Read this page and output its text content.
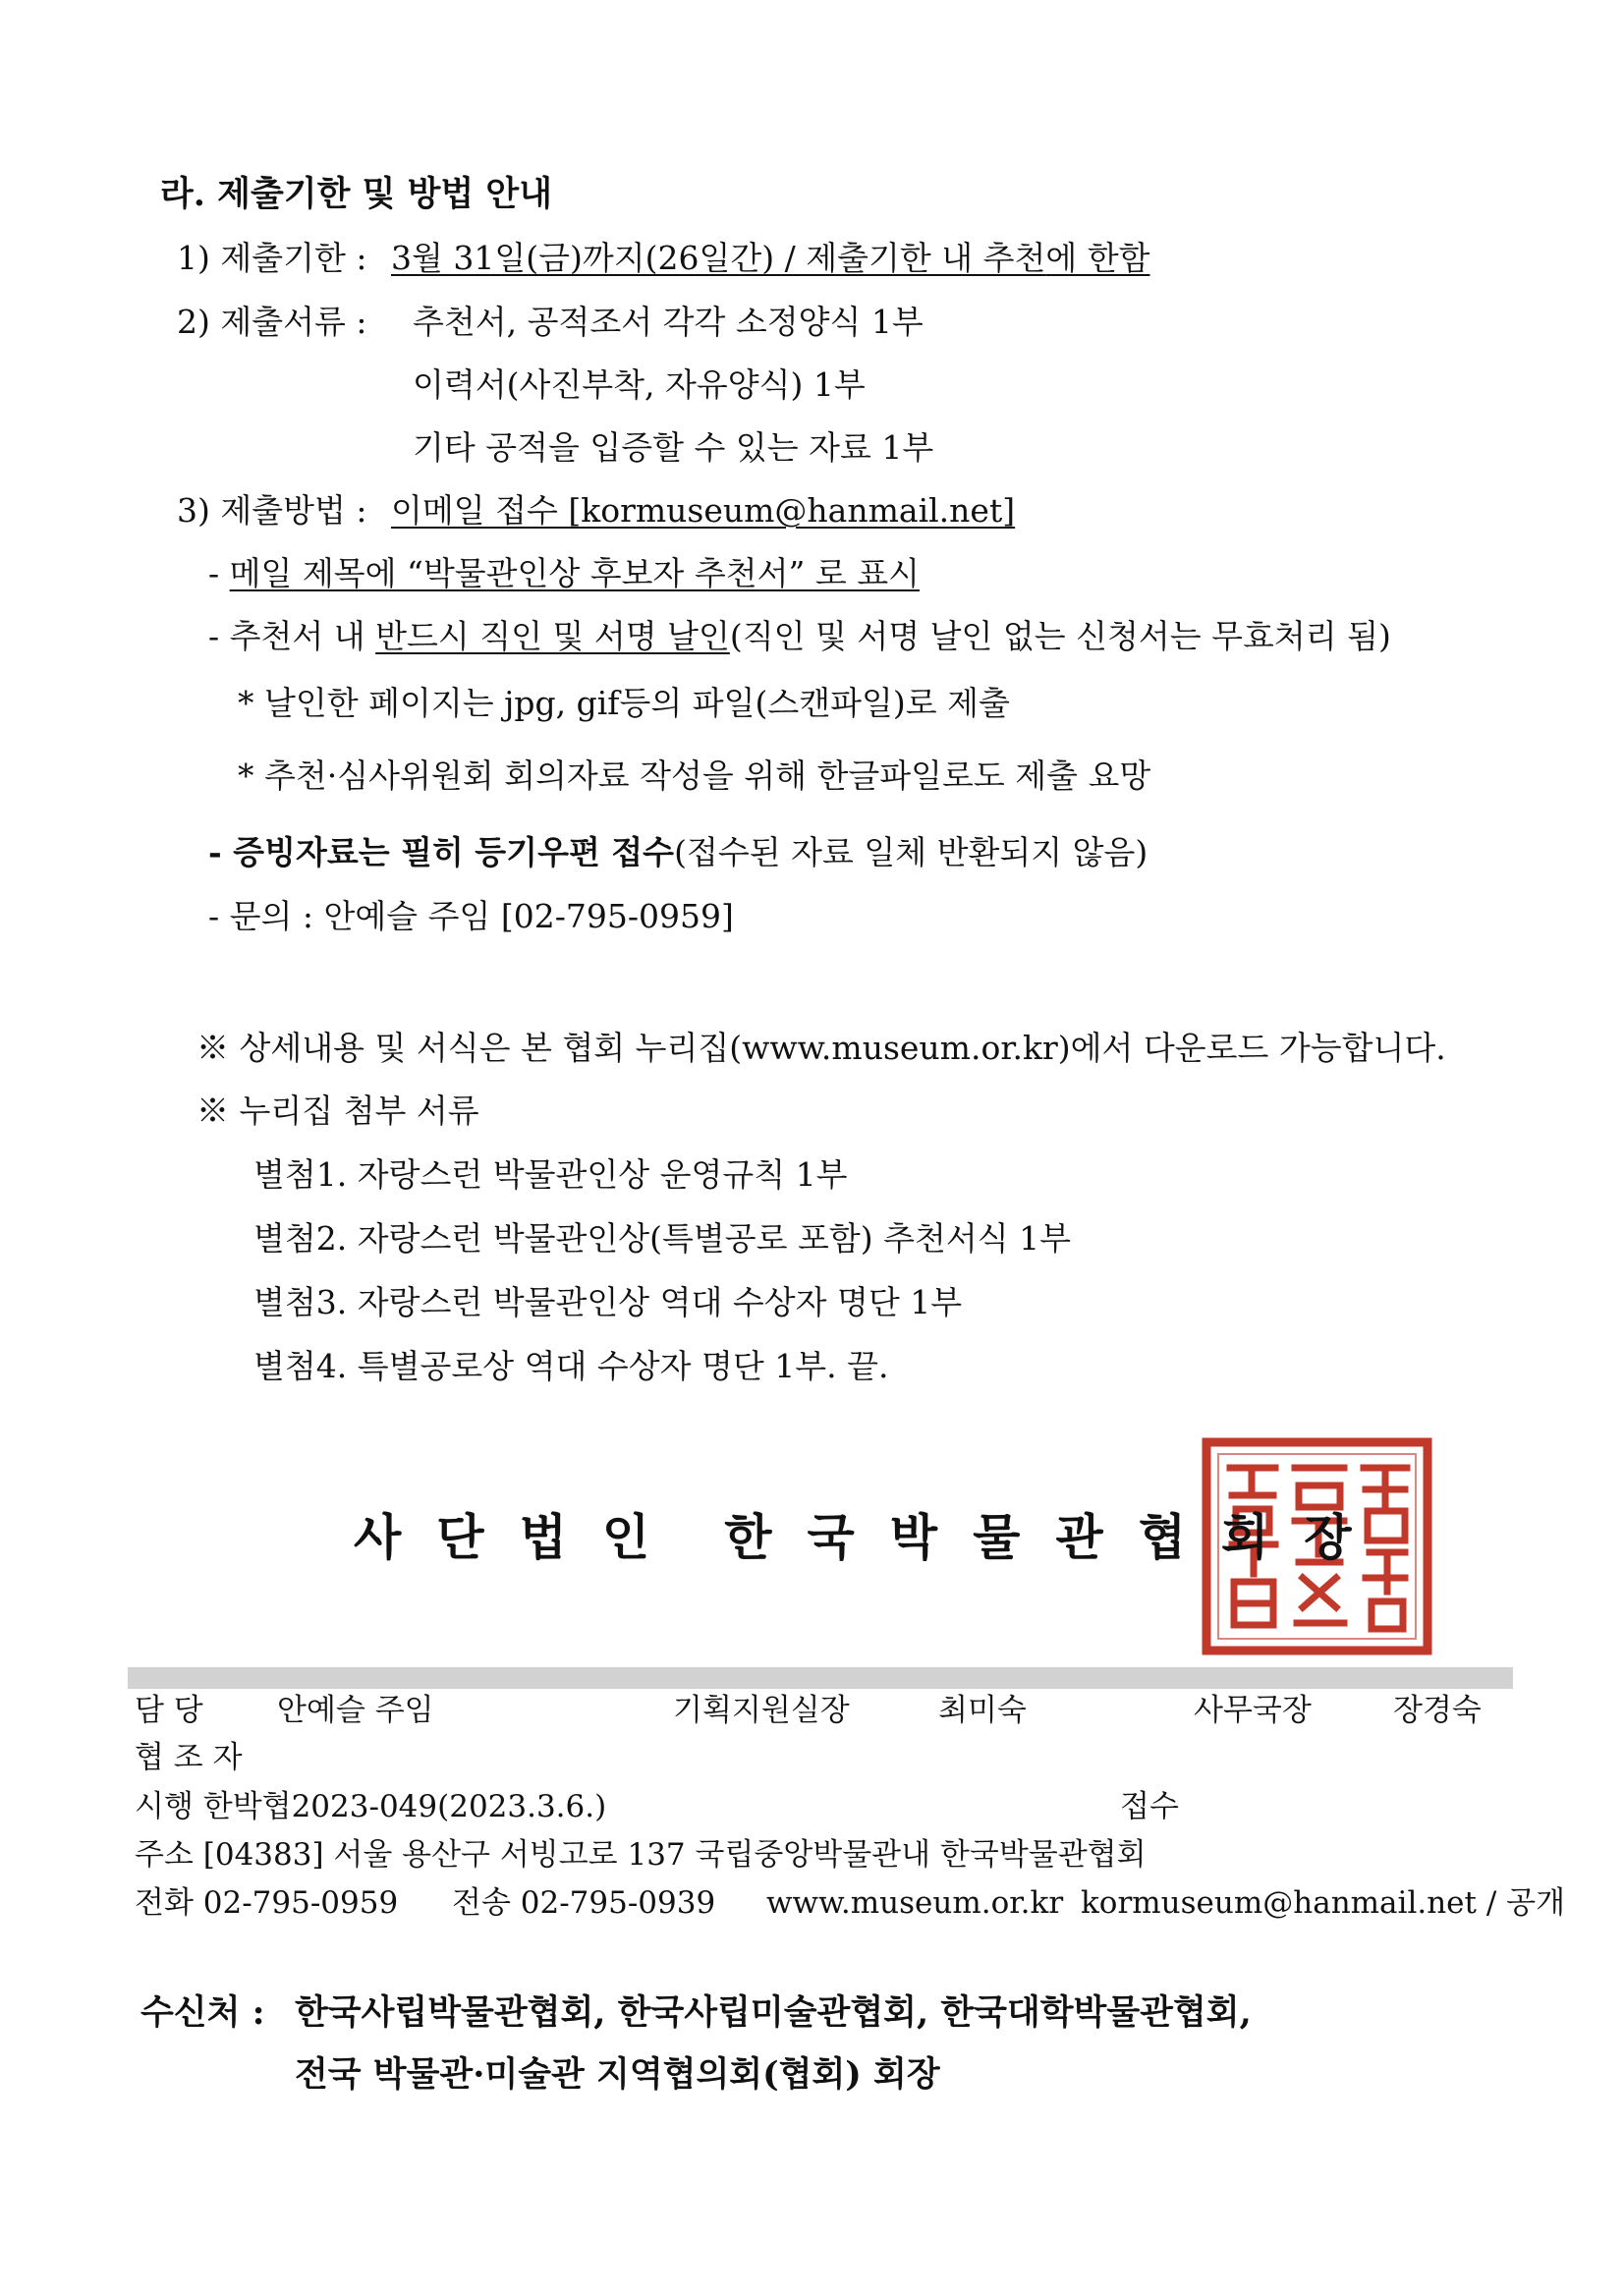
라. 제출기한 및 방법 안내
1) 제출기한 : 3월 31일(금)까지(26일간) / 제출기한 내 추천에 한함
2) 제출서류 : 추천서, 공적조서 각각 소정양식 1부
이력서(사진부착, 자유양식) 1부
기타 공적을 입증할 수 있는 자료 1부
3) 제출방법 : 이메일 접수 [kormuseum@hanmail.net]
- 메일 제목에 “박물관인상 후보자 추천서” 로 표시
- 추천서 내 반드시 직인 및 서명 날인(직인 및 서명 날인 없는 신청서는 무효처리 됨)
* 날인한 페이지는 jpg, gif등의 파일(스캔파일)로 제출
* 추천·심사위원회 회의자료 작성을 위해 한글파일로도 제출 요망
- 증빙자료는 필히 등기우편 접수(접수된 자료 일체 반환되지 않음)
- 문의 : 안예슬 주임 [02-795-0959]
※ 상세내용 및 서식은 본 협회 누리집(www.museum.or.kr)에서 다운로드 가능합니다.
※ 누리집 첨부 서류
별첨1. 자랑스런 박물관인상 운영규칙 1부
별첨2. 자랑스런 박물관인상(특별공로 포함) 추천서식 1부
별첨3. 자랑스런 박물관인상 역대 수상자 명단 1부
별첨4. 특별공로상 역대 수상자 명단 1부. 끝.
사단법인 한국박물관협회장
담 당 안예슬 주임	기획지원실장	최미숙	사무국장	장경숙
협 조 자
시행 한박협2023-049(2023.3.6.)	접수
주소 [04383] 서울 용산구 서빙고로 137 국립중앙박물관내 한국박물관협회
전화 02-795-0959 전송 02-795-0939 www.museum.or.kr kormuseum@hanmail.net / 공개
수신처 : 한국사립박물관협회, 한국사립미술관협회, 한국대학박물관협회,
전국 박물관·미술관 지역협의회(협회) 회장
